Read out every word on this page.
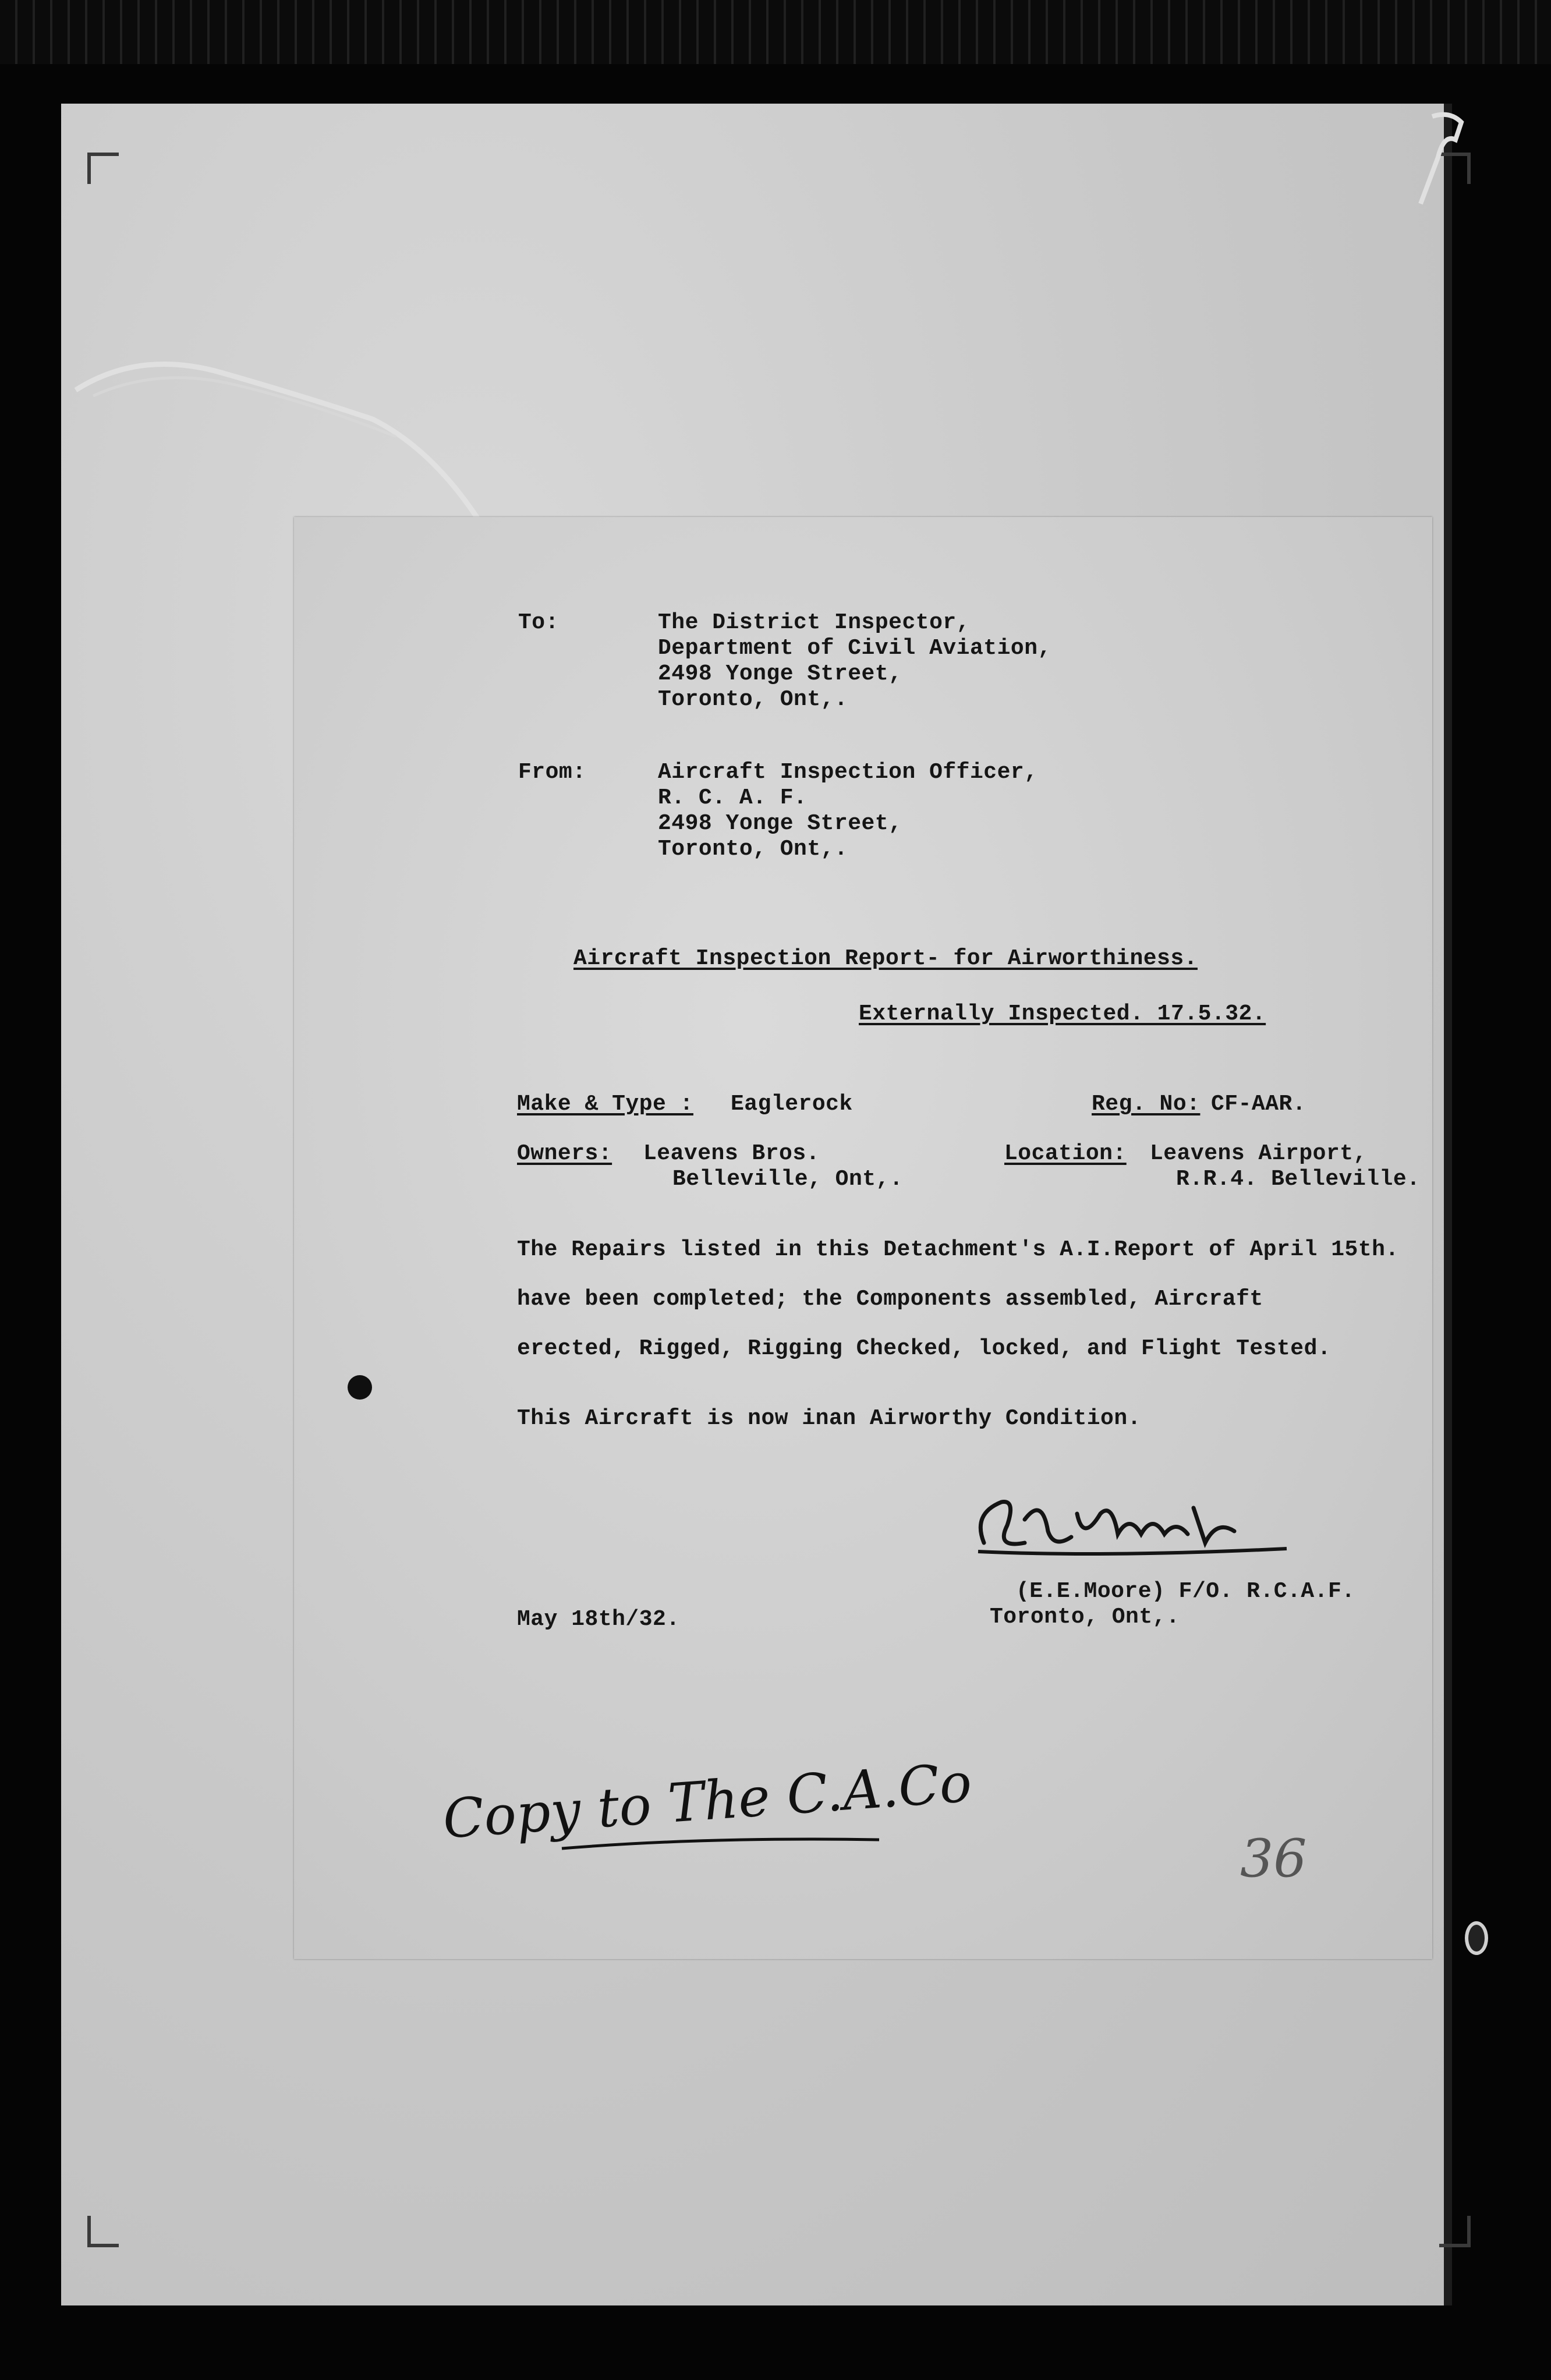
To:	The District Inspector,
Department of Civil Aviation,
2498 Yonge Street,
Toronto, Ont,.
From:	Aircraft Inspection Officer,
R. C. A. F.
2498 Yonge Street,
Toronto, Ont,.
Aircraft Inspection Report- for Airworthiness.
Externally Inspected. 17.5.32.
Make & Type : Eaglerock	Reg. No: CF-AAR.
Owners: Leavens Bros.
Belleville, Ont,.
Location: Leavens Airport,
R.R.4. Belleville.
The Repairs listed in this Detachment's A.I.Report of April 15th.
have been completed; the Components assembled, Aircraft
erected, Rigged, Rigging Checked, locked, and Flight Tested.
This Aircraft is now inan Airworthy Condition.
May 18th/32.
(E.E.Moore) F/O. R.C.A.F.
Toronto, Ont,.
Copy to The C.A.Co
36
